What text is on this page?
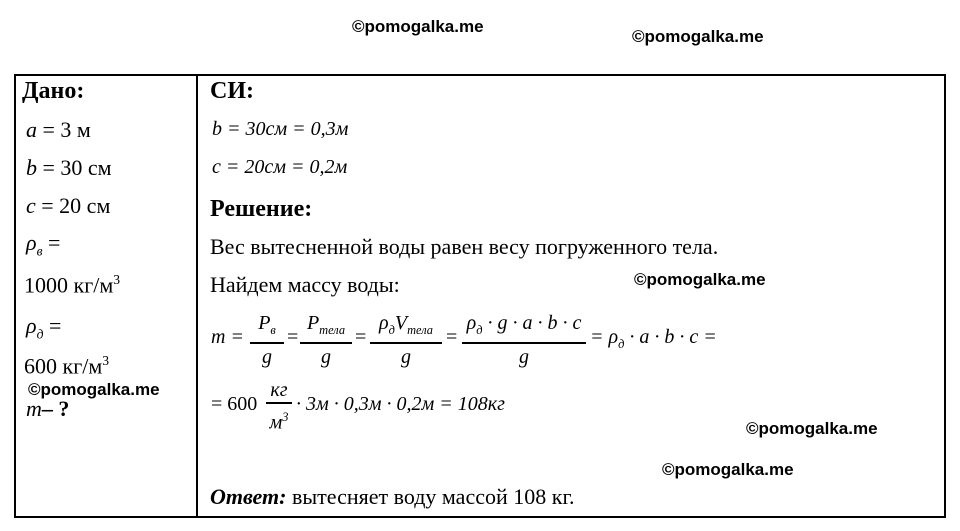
©pomogalka.me
©pomogalka.me
©pomogalka.me
©pomogalka.me
©pomogalka.me
©pomogalka.me
Дано:
a = 3 м
b = 30 см
c = 20 см
$\rho_в$ =
1000 $кг/м^3$
$\rho_д$ =
600 $кг/м^3$
m– ?
СИ:
b = 30см = 0,3м
c = 20см = 0,2м
Решение:
Вес вытесненной воды равен весу погруженного тела.
Найдем массу воды:
m =
$P_в$
g
=
$P_{тела}$
g
=
$\rho_дV_{тела}$
g
=
$\rho_д \cdot g \cdot a \cdot b \cdot c$
g
= $\rho_д \cdot a \cdot b \cdot c$ =
= 600
кг
$м^3$
· 3м · 0,3м · 0,2м = 108кг
Ответ: вытесняет воду массой 108 кг.
